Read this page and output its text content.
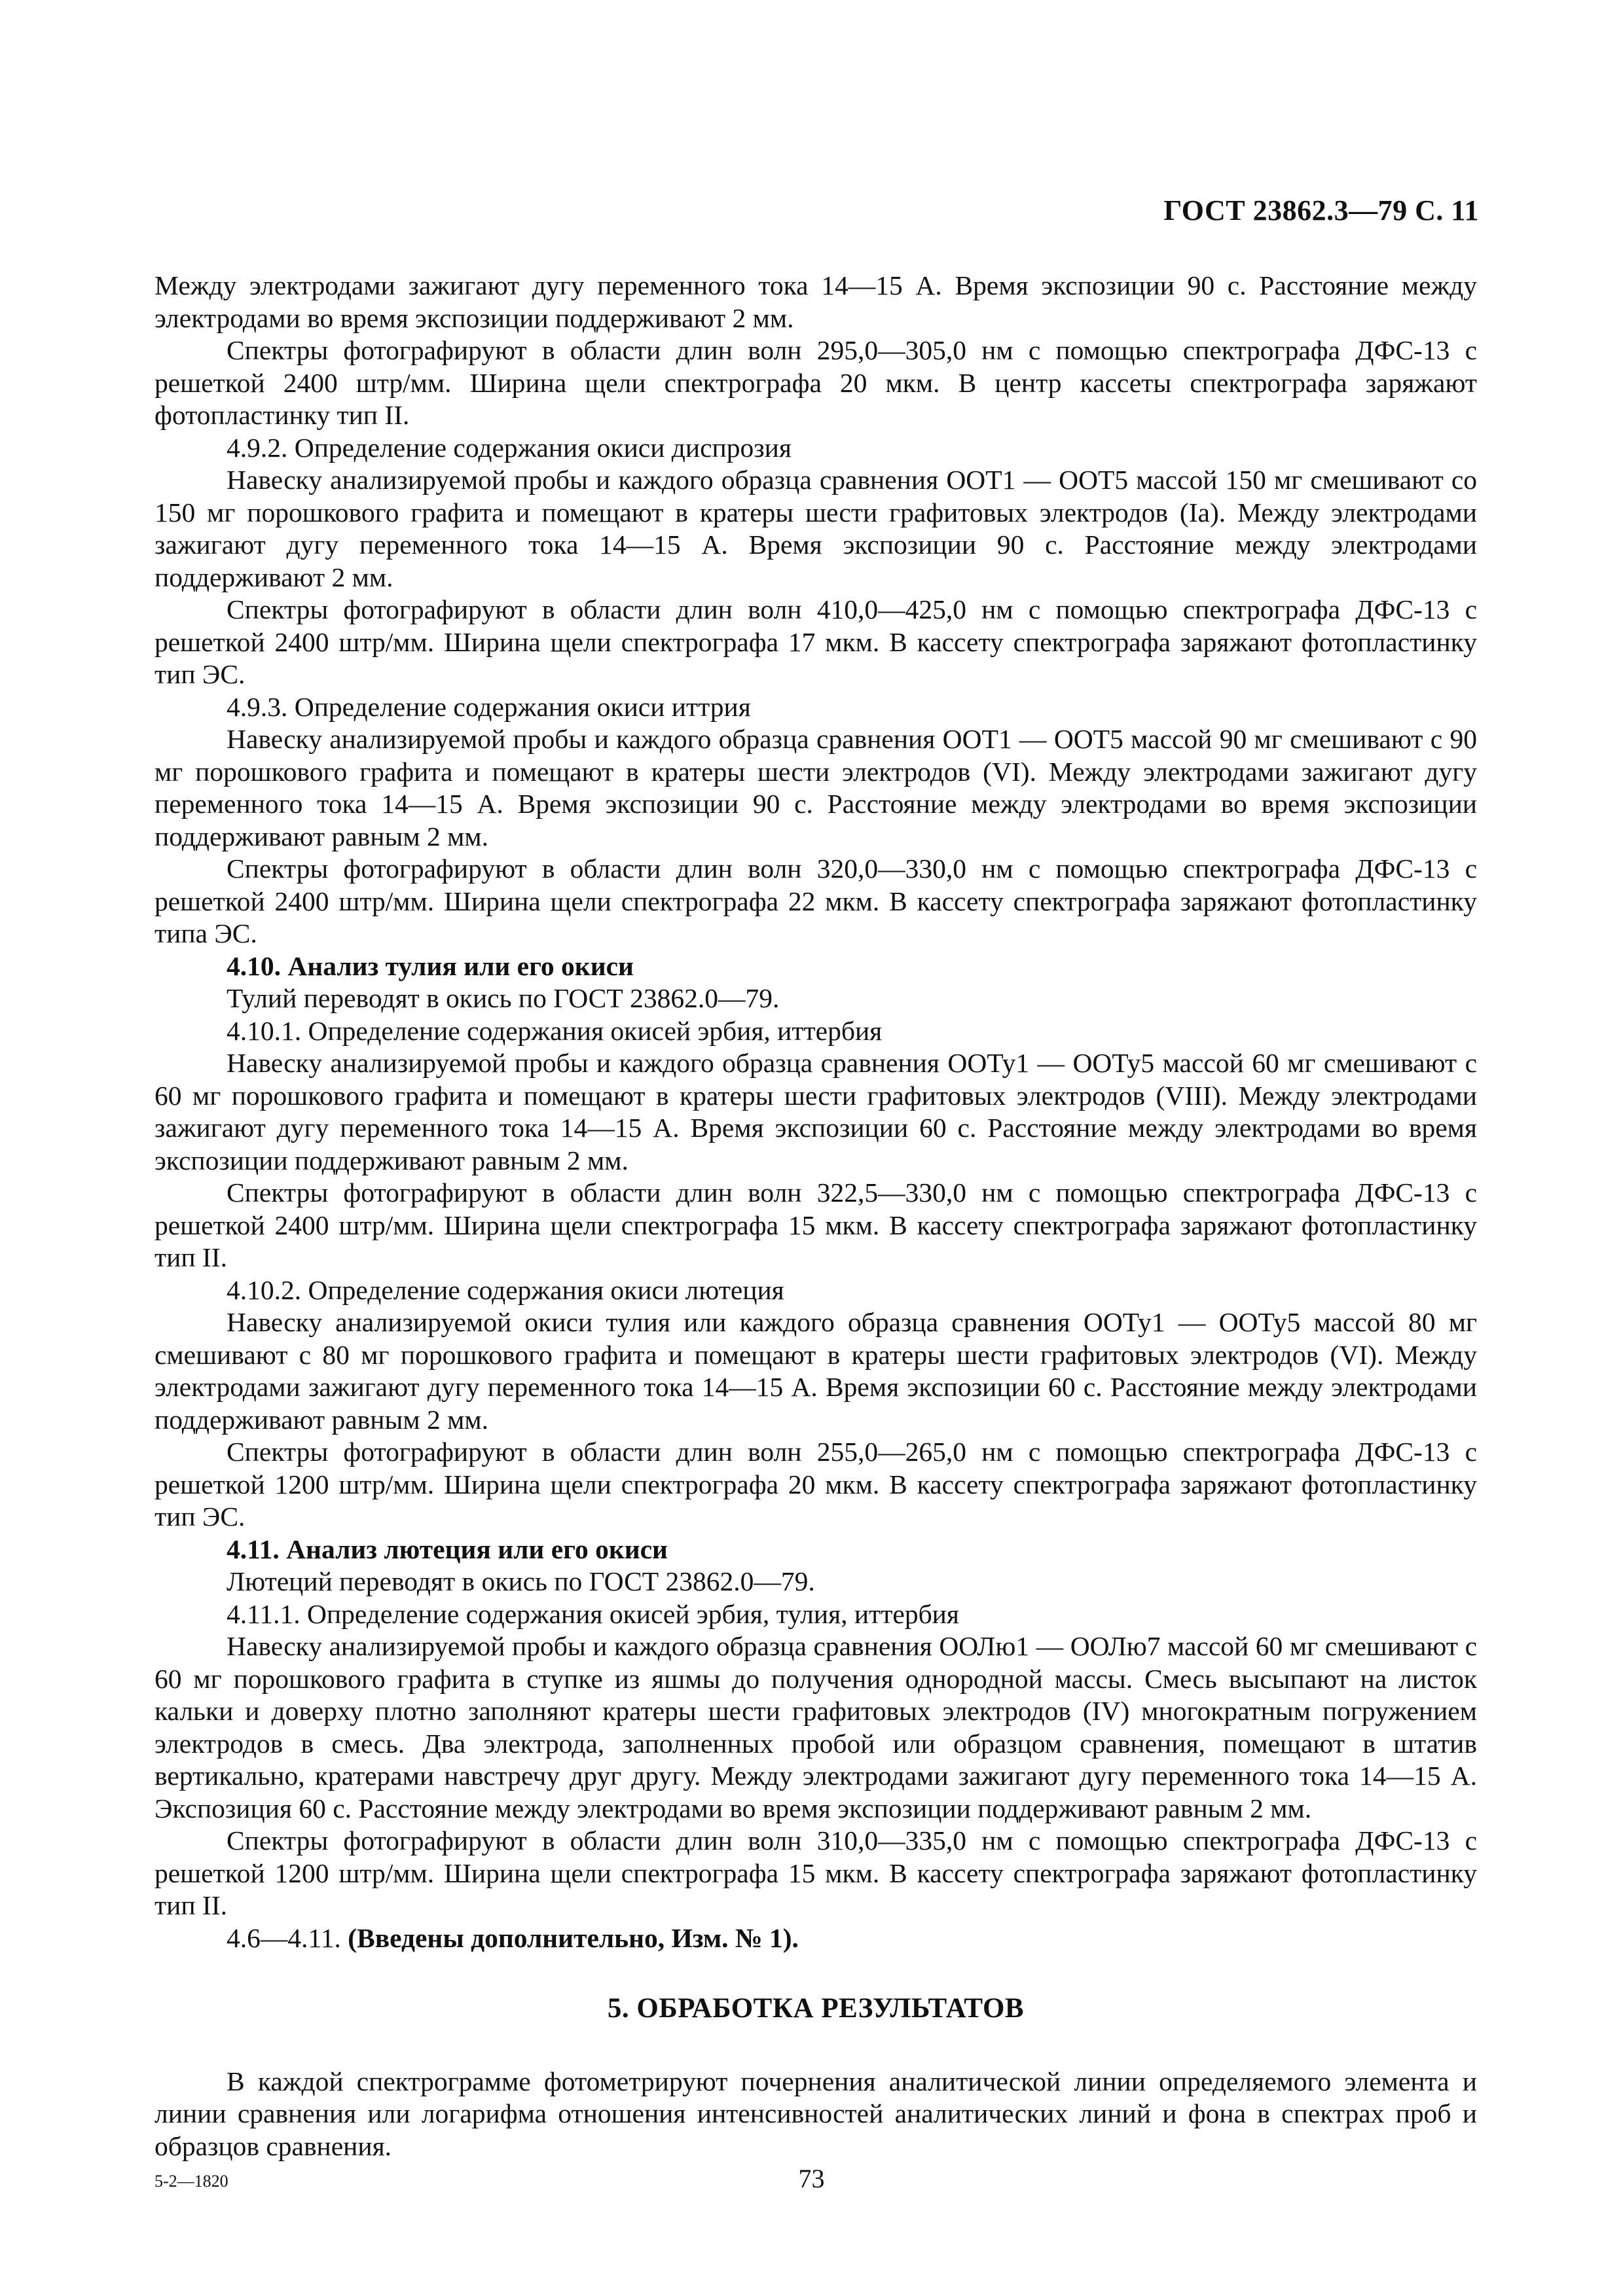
ГОСТ 23862.3—79 С. 11

Между электродами зажигают дугу переменного тока 14—15 А. Время экспозиции 90 с. Расстояние между электродами во время экспозиции поддерживают 2 мм.

Спектры фотографируют в области длин волн 295,0—305,0 нм с помощью спектрографа ДФС-13 с решеткой 2400 штр/мм. Ширина щели спектрографа 20 мкм. В центр кассеты спектрографа заряжают фотопластинку тип II.

4.9.2. Определение содержания окиси диспрозия

Навеску анализируемой пробы и каждого образца сравнения ООТ1 — ООТ5 массой 150 мг смешивают со 150 мг порошкового графита и помещают в кратеры шести графитовых электродов (Iа). Между электродами зажигают дугу переменного тока 14—15 А. Время экспозиции 90 с. Расстояние между электродами поддерживают 2 мм.

Спектры фотографируют в области длин волн 410,0—425,0 нм с помощью спектрографа ДФС-13 с решеткой 2400 штр/мм. Ширина щели спектрографа 17 мкм. В кассету спектрографа заряжают фотопластинку тип ЭС.

4.9.3. Определение содержания окиси иттрия

Навеску анализируемой пробы и каждого образца сравнения ООТ1 — ООТ5 массой 90 мг смешивают с 90 мг порошкового графита и помещают в кратеры шести электродов (VI). Между электродами зажигают дугу переменного тока 14—15 А. Время экспозиции 90 с. Расстояние между электродами во время экспозиции поддерживают равным 2 мм.

Спектры фотографируют в области длин волн 320,0—330,0 нм с помощью спектрографа ДФС-13 с решеткой 2400 штр/мм. Ширина щели спектрографа 22 мкм. В кассету спектрографа заряжают фотопластинку типа ЭС.

4.10. Анализ тулия или его окиси

Тулий переводят в окись по ГОСТ 23862.0—79.

4.10.1. Определение содержания окисей эрбия, иттербия

Навеску анализируемой пробы и каждого образца сравнения ООТу1 — ООТу5 массой 60 мг смешивают с 60 мг порошкового графита и помещают в кратеры шести графитовых электродов (VIII). Между электродами зажигают дугу переменного тока 14—15 А. Время экспозиции 60 с. Расстояние между электродами во время экспозиции поддерживают равным 2 мм.

Спектры фотографируют в области длин волн 322,5—330,0 нм с помощью спектрографа ДФС-13 с решеткой 2400 штр/мм. Ширина щели спектрографа 15 мкм. В кассету спектрографа заряжают фотопластинку тип II.

4.10.2. Определение содержания окиси лютеция

Навеску анализируемой окиси тулия или каждого образца сравнения ООТу1 — ООТу5 массой 80 мг смешивают с 80 мг порошкового графита и помещают в кратеры шести графитовых электродов (VI). Между электродами зажигают дугу переменного тока 14—15 А. Время экспозиции 60 с. Расстояние между электродами поддерживают равным 2 мм.

Спектры фотографируют в области длин волн 255,0—265,0 нм с помощью спектрографа ДФС-13 с решеткой 1200 штр/мм. Ширина щели спектрографа 20 мкм. В кассету спектрографа заряжают фотопластинку тип ЭС.

4.11. Анализ лютеция или его окиси

Лютеций переводят в окись по ГОСТ 23862.0—79.

4.11.1. Определение содержания окисей эрбия, тулия, иттербия

Навеску анализируемой пробы и каждого образца сравнения ООЛю1 — ООЛю7 массой 60 мг смешивают с 60 мг порошкового графита в ступке из яшмы до получения однородной массы. Смесь высыпают на листок кальки и доверху плотно заполняют кратеры шести графитовых электродов (IV) многократным погружением электродов в смесь. Два электрода, заполненных пробой или образцом сравнения, помещают в штатив вертикально, кратерами навстречу друг другу. Между электродами зажигают дугу переменного тока 14—15 А. Экспозиция 60 с. Расстояние между электродами во время экспозиции поддерживают равным 2 мм.

Спектры фотографируют в области длин волн 310,0—335,0 нм с помощью спектрографа ДФС-13 с решеткой 1200 штр/мм. Ширина щели спектрографа 15 мкм. В кассету спектрографа заряжают фотопластинку тип II.

4.6—4.11. (Введены дополнительно, Изм. № 1).

5. ОБРАБОТКА РЕЗУЛЬТАТОВ

В каждой спектрограмме фотометрируют почернения аналитической линии определяемого элемента и линии сравнения или логарифма отношения интенсивностей аналитических линий и фона в спектрах проб и образцов сравнения.

5-2—1820	73
